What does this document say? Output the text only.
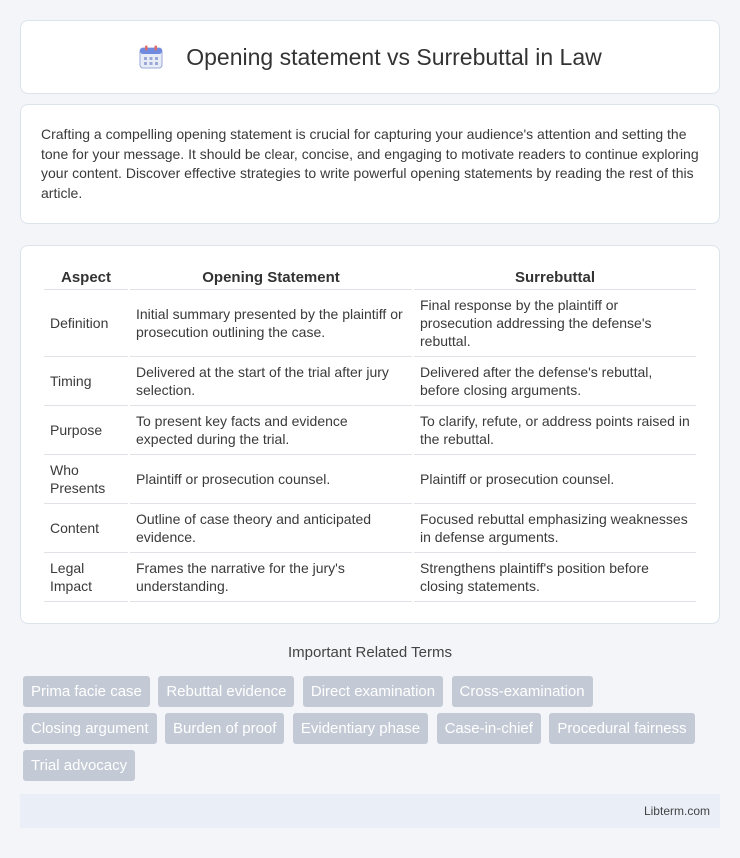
Opening statement vs Surrebuttal in Law

Crafting a compelling opening statement is crucial for capturing your audience's attention and setting the tone for your message. It should be clear, concise, and engaging to motivate readers to continue exploring your content. Discover effective strategies to write powerful opening statements by reading the rest of this article.

Aspect	Opening Statement	Surrebuttal
Definition	Initial summary presented by the plaintiff or prosecution outlining the case.	Final response by the plaintiff or prosecution addressing the defense's rebuttal.
Timing	Delivered at the start of the trial after jury selection.	Delivered after the defense's rebuttal, before closing arguments.
Purpose	To present key facts and evidence expected during the trial.	To clarify, refute, or address points raised in the rebuttal.
Who Presents	Plaintiff or prosecution counsel.	Plaintiff or prosecution counsel.
Content	Outline of case theory and anticipated evidence.	Focused rebuttal emphasizing weaknesses in defense arguments.
Legal Impact	Frames the narrative for the jury's understanding.	Strengthens plaintiff's position before closing statements.
Important Related Terms
Prima facie case Rebuttal evidence Direct examination Cross-examination Closing argument Burden of proof Evidentiary phase Case-in-chief Procedural fairness Trial advocacy
Libterm.com
